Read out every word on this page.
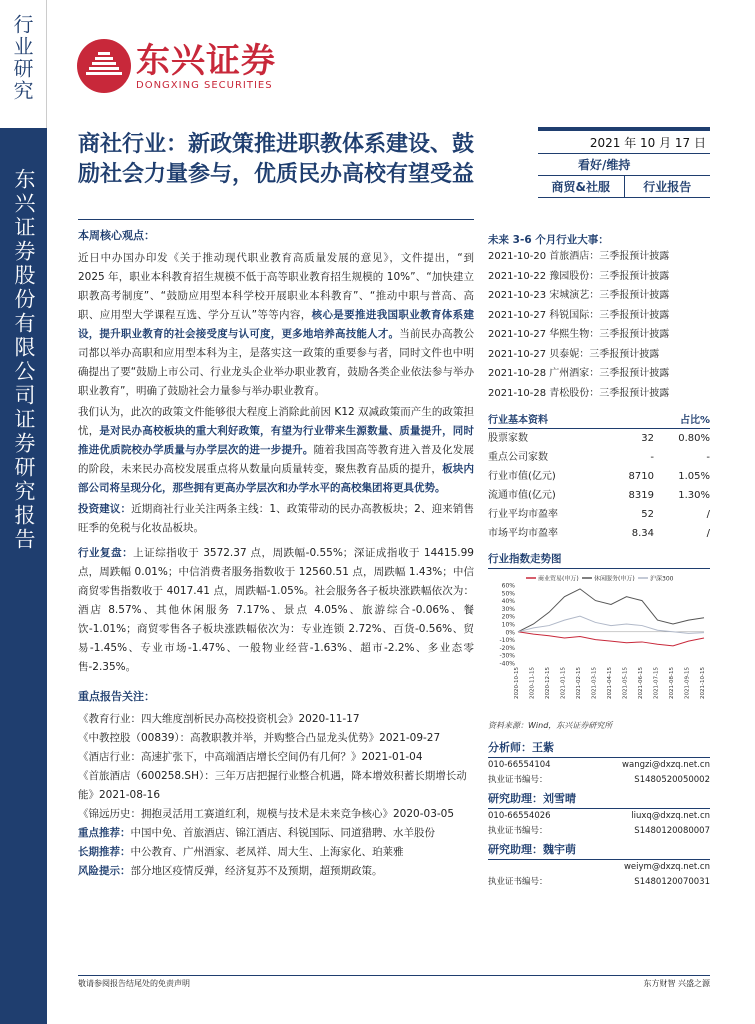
行业研究
东兴证券股份有限公司证券研究报告
东兴证券
DONGXING SECURITIES
商社行业：新政策推进职教体系建设、鼓励社会力量参与，优质民办高校有望受益
2021 年 10 月 17 日
看好/维持
商贸&社服	行业报告
本周核心观点：

近日中办国办印发《关于推动现代职业教育高质量发展的意见》，文件提出，“到 2025 年，职业本科教育招生规模不低于高等职业教育招生规模的 10%”、“加快建立职教高考制度”、“鼓励应用型本科学校开展职业本科教育”、“推动中职与普高、高职、应用型大学课程互选、学分互认”等等内容，核心是要推进我国职业教育体系建设，提升职业教育的社会接受度与认可度，更多地培养高技能人才。当前民办高教公司都以举办高职和应用型本科为主，是落实这一政策的重要参与者，同时文件也中明确提出了要“鼓励上市公司、行业龙头企业举办职业教育，鼓励各类企业依法参与举办职业教育”，明确了鼓励社会力量参与举办职业教育。

我们认为，此次的政策文件能够很大程度上消除此前因 K12 双减政策而产生的政策担忧，是对民办高校板块的重大利好政策，有望为行业带来生源数量、质量提升，同时推进优质院校办学质量与办学层次的进一步提升。随着我国高等教育进入普及化发展的阶段，未来民办高校发展重点将从数量向质量转变，聚焦教育品质的提升，板块内部公司将呈现分化，那些拥有更高办学层次和办学水平的高校集团将更具优势。

投资建议：近期商社行业关注两条主线：1、政策带动的民办高教板块；2、迎来销售旺季的免税与化妆品板块。

行业复盘：上证综指收于 3572.37 点，周跌幅-0.55%；深证成指收于 14415.99 点，周跌幅 0.01%；中信消费者服务指数收于 12560.51 点，周跌幅 1.43%；中信商贸零售指数收于 4017.41 点，周跌幅-1.05%。社会服务各子板块涨跌幅依次为：酒店 8.57%、其他休闲服务 7.17%、景点 4.05%、旅游综合-0.06%、餐饮-1.01%；商贸零售各子板块涨跌幅依次为：专业连锁 2.72%、百货-0.56%、贸易-1.45%、专业市场-1.47%、一般物业经营-1.63%、超市-2.2%、多业态零售-2.35%。

重点报告关注：
《教育行业：四大维度剖析民办高校投资机会》2020-11-17
《中教控股（00839）：高教职教并举，并购整合凸显龙头优势》2021-09-27
《酒店行业：高速扩张下，中高端酒店增长空间仍有几何？》2021-01-04
《首旅酒店（600258.SH）：三年万店把握行业整合机遇，降本增效积蓄长期增长动能》2021-08-16
《锦远历史：拥抱灵活用工赛道红利，规模与技术是未来竞争核心》2020-03-05
重点推荐：中国中免、首旅酒店、锦江酒店、科锐国际、同道猎聘、水羊股份
长期推荐：中公教育、广州酒家、老凤祥、周大生、上海家化、珀莱雅
风险提示：部分地区疫情反弹，经济复苏不及预期，超预期政策。
未来 3-6 个月行业大事：
2021-10-20 首旅酒店：三季报预计披露
2021-10-22 豫园股份：三季报预计披露
2021-10-23 宋城演艺：三季报预计披露
2021-10-27 科锐国际：三季报预计披露
2021-10-27 华熙生物：三季报预计披露
2021-10-27 贝泰妮：三季报预计披露
2021-10-28 广州酒家：三季报预计披露
2021-10-28 青松股份：三季报预计披露
行业基本资料	占比%
股票家数	32	0.80%
重点公司家数	-	-
行业市值(亿元)	8710	1.05%
流通市值(亿元)	8319	1.30%
行业平均市盈率	52	/
市场平均市盈率	8.34	/
行业指数走势图
60%
50%
40%
30%
20%
10%
0%
-10%
-20%
-30%
-40%
2020-10-15 2020-11-15 2020-12-15 2021-01-15 2021-02-15 2021-03-15 2021-04-15 2021-05-15 2021-06-15 2021-07-15 2021-08-15 2021-09-15 2021-10-15
商业贸易(申万)	休闲服务(申万)	沪深300
资料来源：Wind，东兴证券研究所
分析师：王紫
010-66554104	wangzi@dxzq.net.cn
执业证书编号：	S1480520050002
研究助理：刘雪晴
010-66554026	liuxq@dxzq.net.cn
执业证书编号：	S1480120080007
研究助理：魏宇萌
weiym@dxzq.net.cn
执业证书编号：	S1480120070031
敬请参阅报告结尾处的免责声明	东方财智 兴盛之源
